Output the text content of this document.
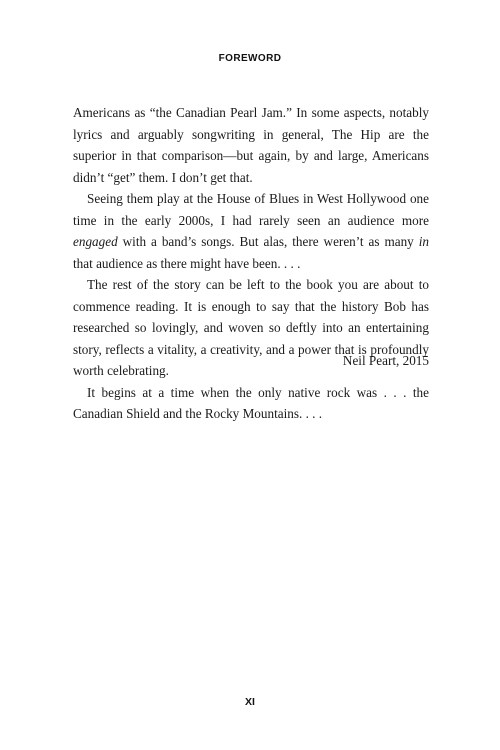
FOREWORD

Americans as “the Canadian Pearl Jam.” In some aspects, notably lyrics and arguably songwriting in general, The Hip are the superior in that comparison—but again, by and large, Americans didn’t “get” them. I don’t get that.

Seeing them play at the House of Blues in West Hollywood one time in the early 2000s, I had rarely seen an audience more engaged with a band’s songs. But alas, there weren’t as many in that audience as there might have been. . . .

The rest of the story can be left to the book you are about to commence reading. It is enough to say that the history Bob has researched so lovingly, and woven so deftly into an entertaining story, reflects a vitality, a creativity, and a power that is profoundly worth celebrating.

It begins at a time when the only native rock was . . . the Canadian Shield and the Rocky Mountains. . . .

Neil Peart, 2015
XI
